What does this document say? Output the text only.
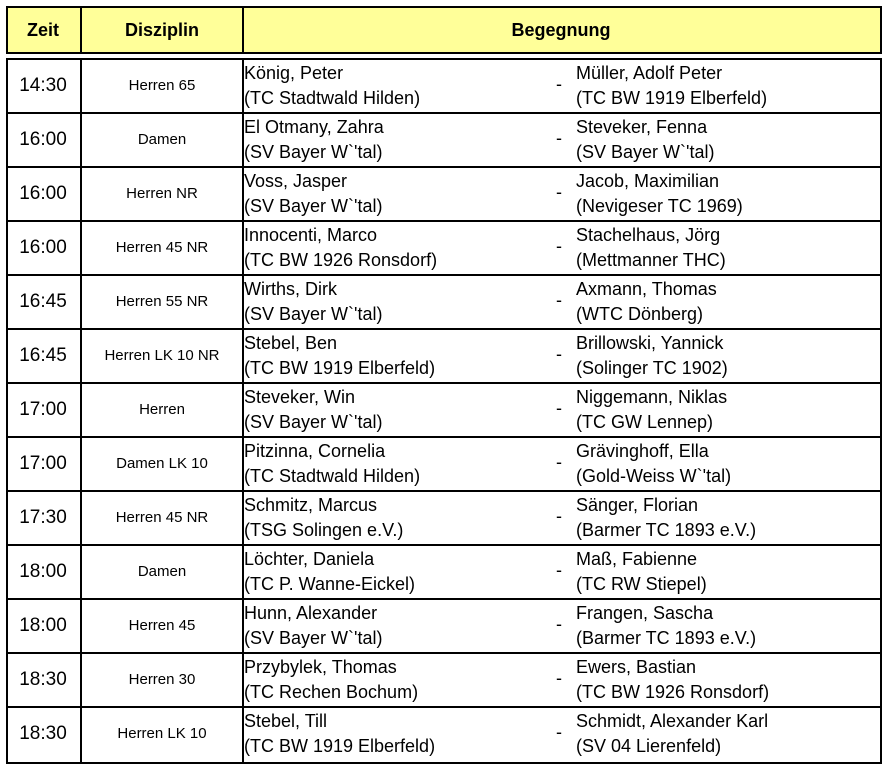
Zeit	Disziplin	Begegnung
14:30	Herren 65
König, Peter
(TC Stadtwald Hilden)
-
Müller, Adolf Peter
(TC BW 1919 Elberfeld)
16:00	Damen
El Otmany, Zahra
(SV Bayer W`'tal)
-
Steveker, Fenna
(SV Bayer W`'tal)
16:00	Herren NR
Voss, Jasper
(SV Bayer W`'tal)
-
Jacob, Maximilian
(Nevigeser TC 1969)
16:00	Herren 45 NR
Innocenti, Marco
(TC BW 1926 Ronsdorf)
-
Stachelhaus, Jörg
(Mettmanner THC)
16:45	Herren 55 NR
Wirths, Dirk
(SV Bayer W`'tal)
-
Axmann, Thomas
(WTC Dönberg)
16:45	Herren LK 10 NR
Stebel, Ben
(TC BW 1919 Elberfeld)
-
Brillowski, Yannick
(Solinger TC 1902)
17:00	Herren
Steveker, Win
(SV Bayer W`'tal)
-
Niggemann, Niklas
(TC GW Lennep)
17:00	Damen LK 10
Pitzinna, Cornelia
(TC Stadtwald Hilden)
-
Grävinghoff, Ella
(Gold-Weiss W`'tal)
17:30	Herren 45 NR
Schmitz, Marcus
(TSG Solingen e.V.)
-
Sänger, Florian
(Barmer TC 1893 e.V.)
18:00	Damen
Löchter, Daniela
(TC P. Wanne-Eickel)
-
Maß, Fabienne
(TC RW Stiepel)
18:00	Herren 45
Hunn, Alexander
(SV Bayer W`'tal)
-
Frangen, Sascha
(Barmer TC 1893 e.V.)
18:30	Herren 30
Przybylek, Thomas
(TC Rechen Bochum)
-
Ewers, Bastian
(TC BW 1926 Ronsdorf)
18:30	Herren LK 10
Stebel, Till
(TC BW 1919 Elberfeld)
-
Schmidt, Alexander Karl
(SV 04 Lierenfeld)
